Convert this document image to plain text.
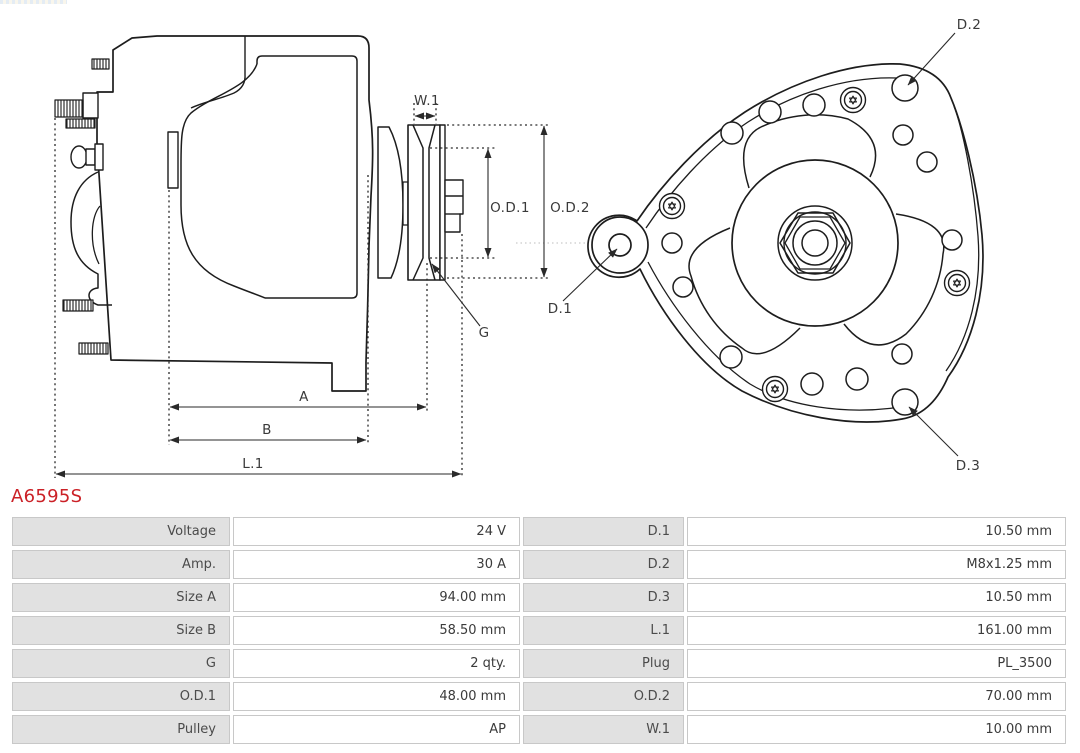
W.1
O.D.1 O.D.2
G
A
B
L.1
D.1
D.2
D.3
A6595S
Voltage	24 V	D.1	10.50 mm
Amp.	30 A	D.2	M8x1.25 mm
Size A	94.00 mm	D.3	10.50 mm
Size B	58.50 mm	L.1	161.00 mm
G	2 qty.	Plug	PL_3500
O.D.1	48.00 mm	O.D.2	70.00 mm
Pulley	AP	W.1	10.00 mm
